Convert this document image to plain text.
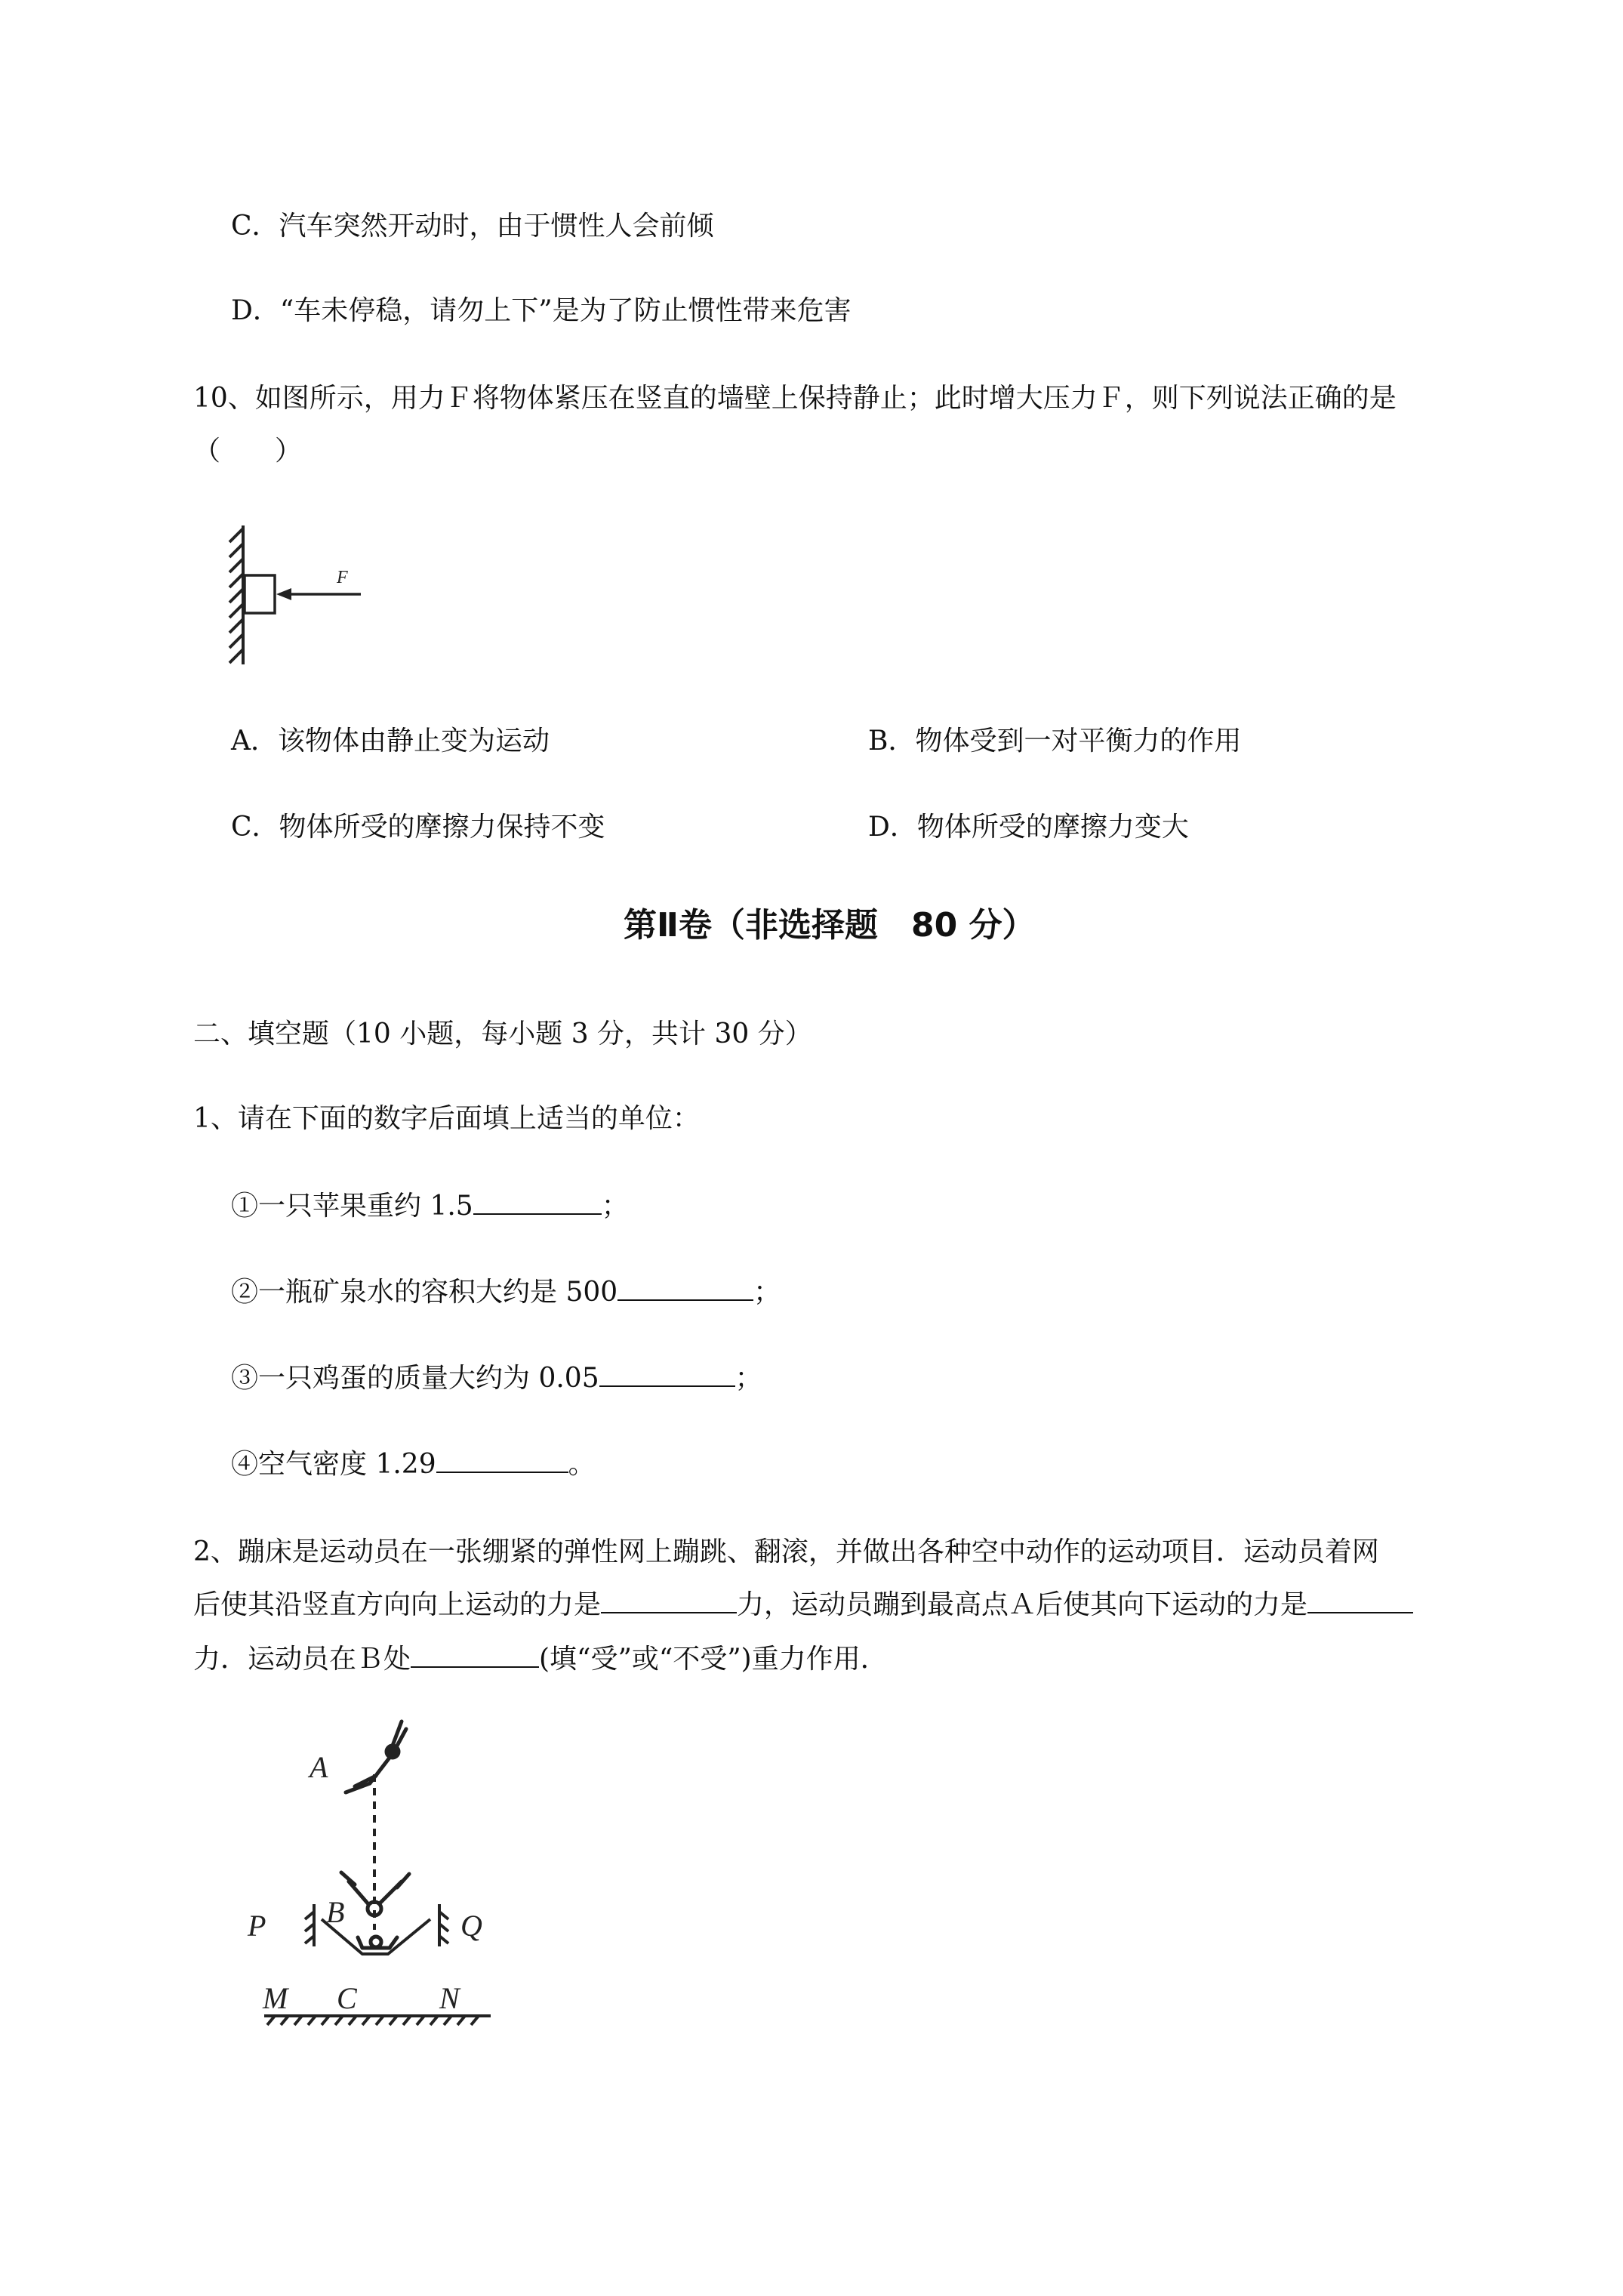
C．汽车突然开动时，由于惯性人会前倾
D．“车未停稳，请勿上下”是为了防止惯性带来危害
10、如图所示，用力Ｆ将物体紧压在竖直的墙壁上保持静止；此时增大压力Ｆ，则下列说法正确的是
（　　）
F
A．该物体由静止变为运动	B．物体受到一对平衡力的作用
C．物体所受的摩擦力保持不变	D．物体所受的摩擦力变大
第Ⅱ卷（非选择题　80 分）
二、填空题（10 小题，每小题 3 分，共计 30 分）
1、请在下面的数字后面填上适当的单位：
①一只苹果重约 1.5	；
②一瓶矿泉水的容积大约是 500	；
③一只鸡蛋的质量大约为 0.05	；
④空气密度 1.29	。
2、蹦床是运动员在一张绷紧的弹性网上蹦跳、翻滚，并做出各种空中动作的运动项目．运动员着网
后使其沿竖直方向向上运动的力是	力，运动员蹦到最高点Ａ后使其向下运动的力是
力．运动员在Ｂ处	(填“受”或“不受”)重力作用．
A
B
C
P	Q
M	N
